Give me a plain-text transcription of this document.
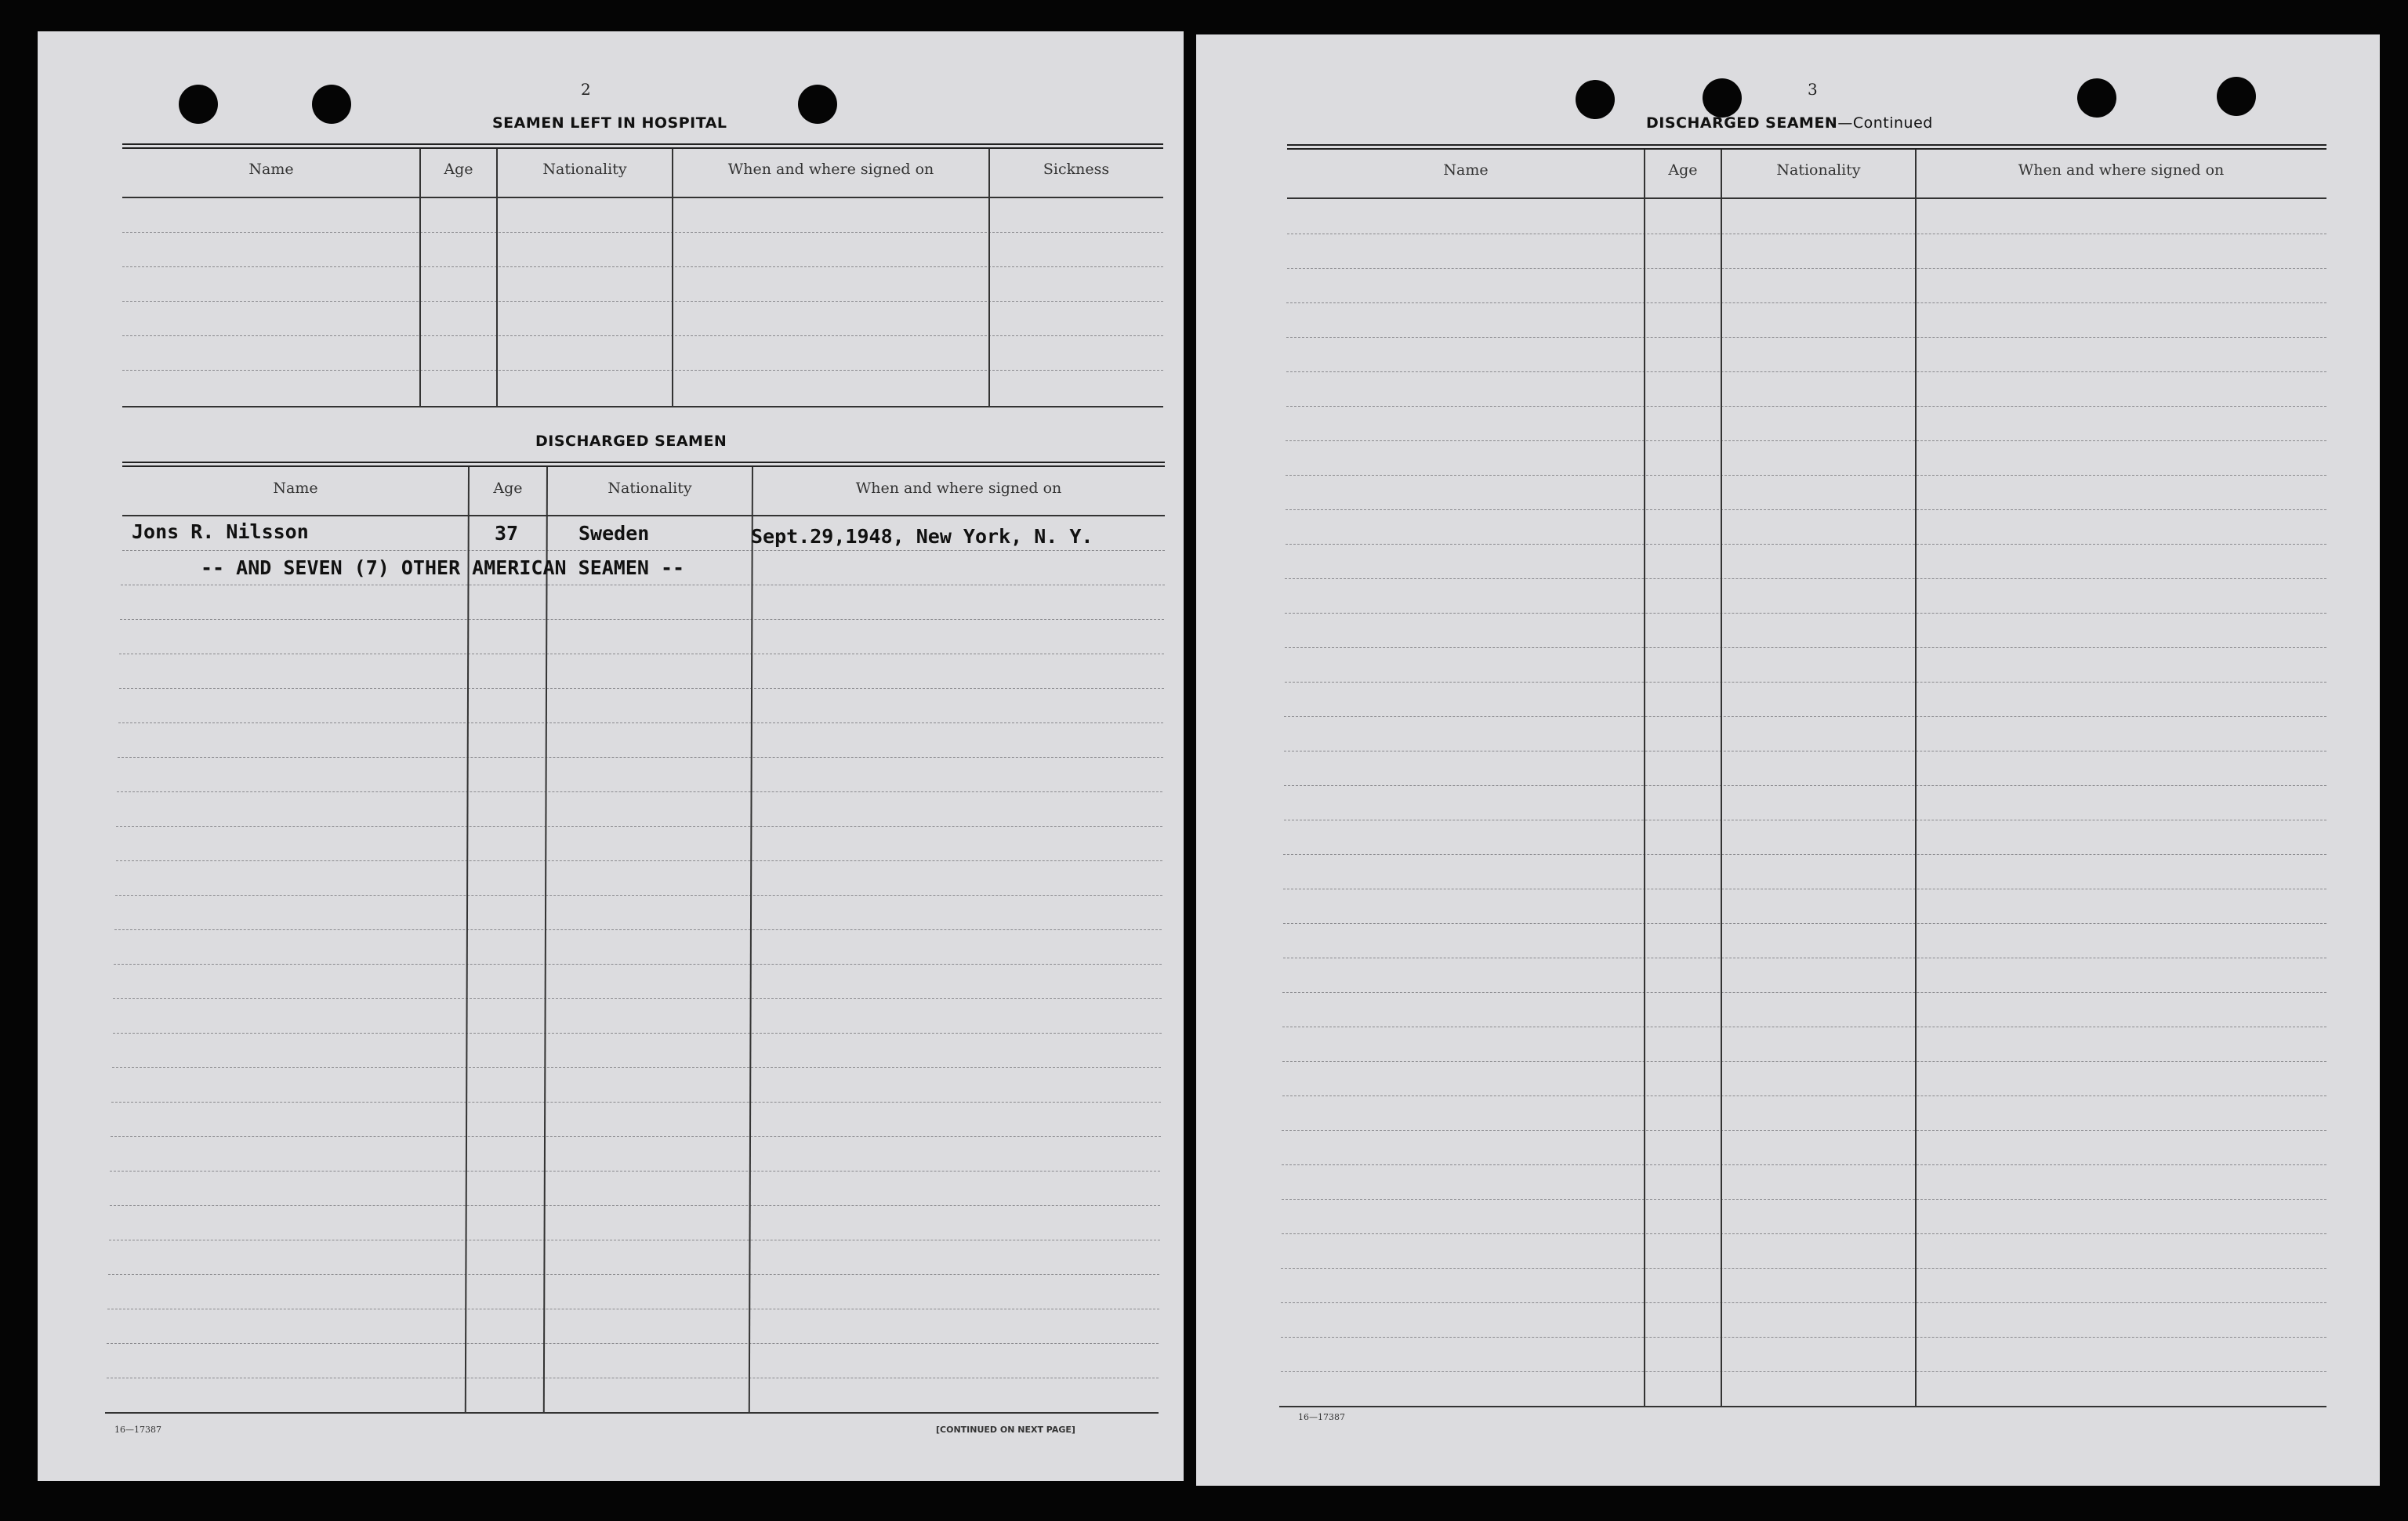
2
SEAMEN LEFT IN HOSPITAL
Name	Age	Nationality	When and where signed on	Sickness
DISCHARGED SEAMEN
Name	Age	Nationality	When and where signed on
Jons R. Nilsson	37	Sweden	Sept.29,1948, New York, N. Y.
-- AND SEVEN (7) OTHER AMERICAN SEAMEN --
16—17387	[CONTINUED ON NEXT PAGE]
3
DISCHARGED SEAMEN—Continued
Name	Age	Nationality	When and where signed on
16—17387
